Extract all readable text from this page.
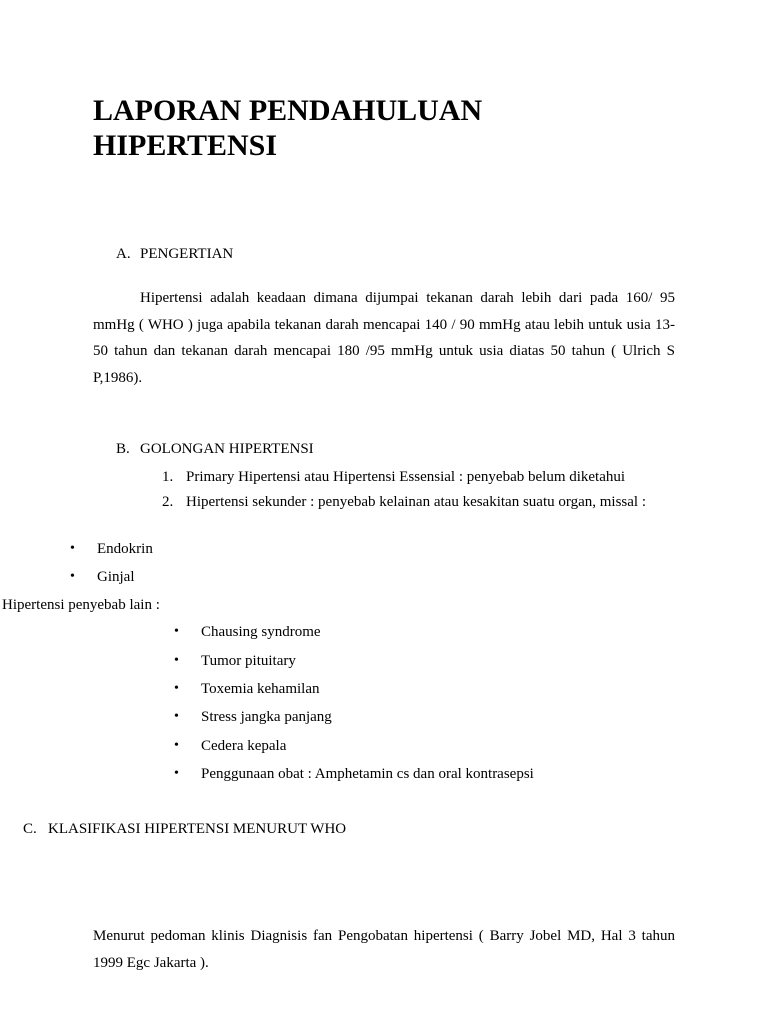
LAPORAN PENDAHULUAN
HIPERTENSI
A. PENGERTIAN

Hipertensi adalah keadaan dimana dijumpai tekanan darah lebih dari pada 160/ 95 mmHg ( WHO ) juga apabila tekanan darah mencapai 140 / 90 mmHg atau lebih untuk usia 13-50 tahun dan tekanan darah mencapai 180 /95 mmHg untuk usia diatas 50 tahun ( Ulrich S P,1986).

B. GOLONGAN HIPERTENSI
1. Primary Hipertensi atau Hipertensi Essensial : penyebab belum diketahui
2. Hipertensi sekunder : penyebab kelainan atau kesakitan suatu organ, missal :
• Endokrin
• Ginjal
Hipertensi penyebab lain :
• Chausing syndrome
• Tumor pituitary
• Toxemia kehamilan
• Stress jangka panjang
• Cedera kepala
• Penggunaan obat : Amphetamin cs dan oral kontrasepsi
C. KLASIFIKASI HIPERTENSI MENURUT WHO

Menurut pedoman klinis Diagnisis fan Pengobatan hipertensi ( Barry Jobel MD, Hal 3 tahun 1999 Egc Jakarta ).
